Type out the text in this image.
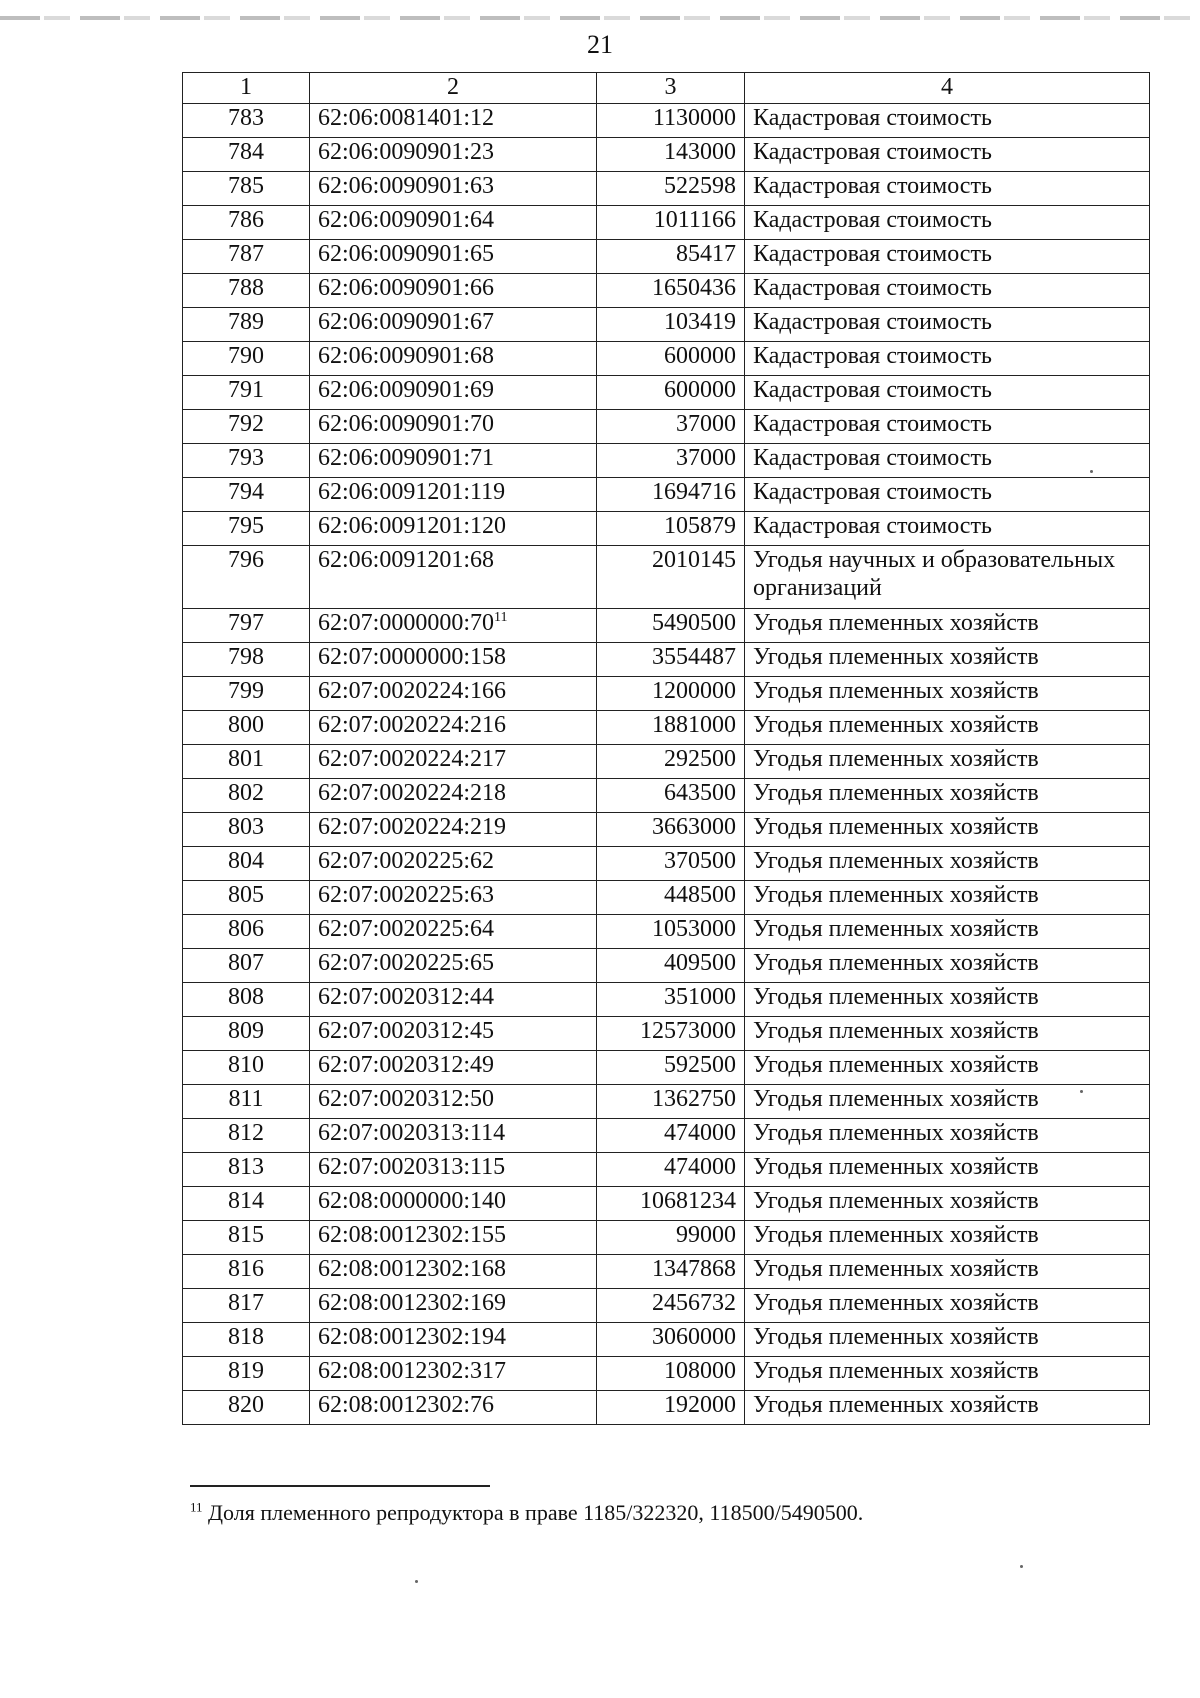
21
1	2	3	4
783	62:06:0081401:12	1130000	Кадастровая стоимость
784	62:06:0090901:23	143000	Кадастровая стоимость
785	62:06:0090901:63	522598	Кадастровая стоимость
786	62:06:0090901:64	1011166	Кадастровая стоимость
787	62:06:0090901:65	85417	Кадастровая стоимость
788	62:06:0090901:66	1650436	Кадастровая стоимость
789	62:06:0090901:67	103419	Кадастровая стоимость
790	62:06:0090901:68	600000	Кадастровая стоимость
791	62:06:0090901:69	600000	Кадастровая стоимость
792	62:06:0090901:70	37000	Кадастровая стоимость
793	62:06:0090901:71	37000	Кадастровая стоимость
794	62:06:0091201:119	1694716	Кадастровая стоимость
795	62:06:0091201:120	105879	Кадастровая стоимость
796	62:06:0091201:68	2010145	Угодья научных и образовательных организаций
797	$62:07:0000000:70^{11}$	5490500	Угодья племенных хозяйств
798	62:07:0000000:158	3554487	Угодья племенных хозяйств
799	62:07:0020224:166	1200000	Угодья племенных хозяйств
800	62:07:0020224:216	1881000	Угодья племенных хозяйств
801	62:07:0020224:217	292500	Угодья племенных хозяйств
802	62:07:0020224:218	643500	Угодья племенных хозяйств
803	62:07:0020224:219	3663000	Угодья племенных хозяйств
804	62:07:0020225:62	370500	Угодья племенных хозяйств
805	62:07:0020225:63	448500	Угодья племенных хозяйств
806	62:07:0020225:64	1053000	Угодья племенных хозяйств
807	62:07:0020225:65	409500	Угодья племенных хозяйств
808	62:07:0020312:44	351000	Угодья племенных хозяйств
809	62:07:0020312:45	12573000	Угодья племенных хозяйств
810	62:07:0020312:49	592500	Угодья племенных хозяйств
811	62:07:0020312:50	1362750	Угодья племенных хозяйств
812	62:07:0020313:114	474000	Угодья племенных хозяйств
813	62:07:0020313:115	474000	Угодья племенных хозяйств
814	62:08:0000000:140	10681234	Угодья племенных хозяйств
815	62:08:0012302:155	99000	Угодья племенных хозяйств
816	62:08:0012302:168	1347868	Угодья племенных хозяйств
817	62:08:0012302:169	2456732	Угодья племенных хозяйств
818	62:08:0012302:194	3060000	Угодья племенных хозяйств
819	62:08:0012302:317	108000	Угодья племенных хозяйств
820	62:08:0012302:76	192000	Угодья племенных хозяйств
$^{11}$ Доля племенного репродуктора в праве 1185/322320, 118500/5490500.
